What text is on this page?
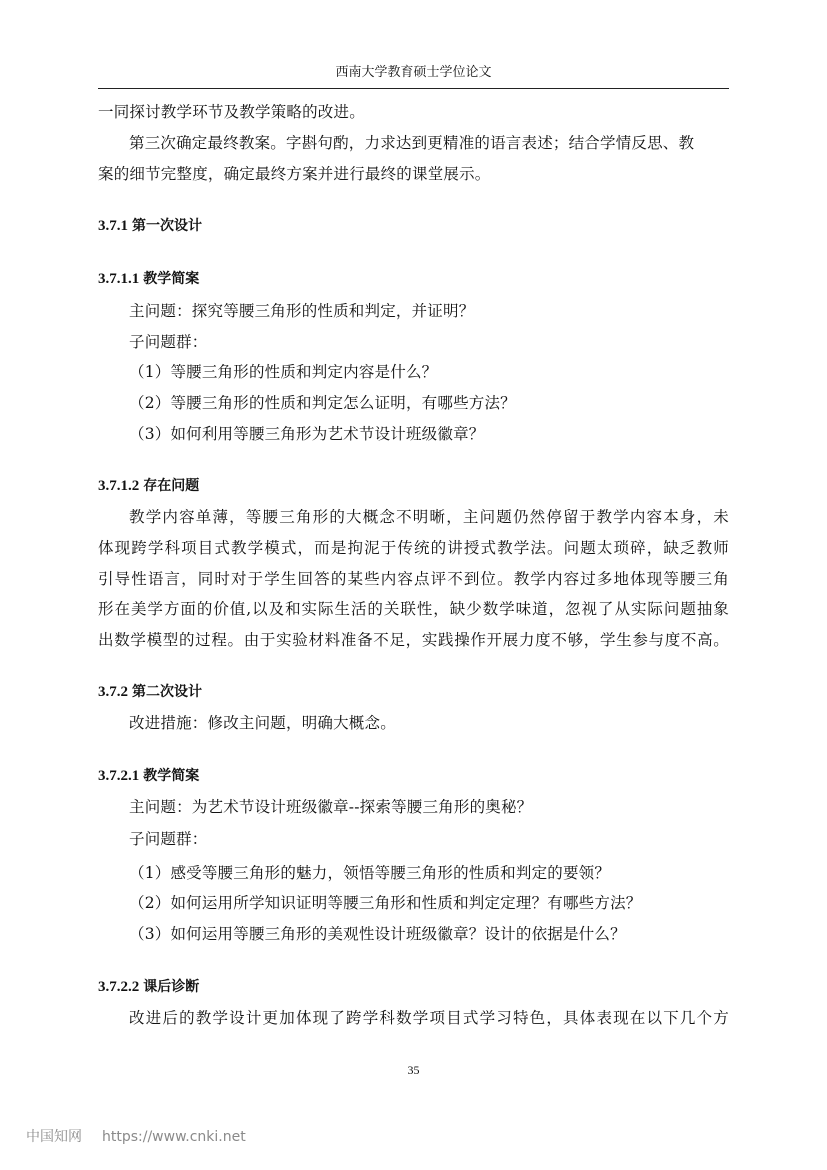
西南大学教育硕士学位论文
一同探讨教学环节及教学策略的改进。
第三次确定最终教案。字斟句酌，力求达到更精准的语言表述；结合学情反思、教
案的细节完整度，确定最终方案并进行最终的课堂展示。
3.7.1 第一次设计
3.7.1.1 教学简案
主问题：探究等腰三角形的性质和判定，并证明？
子问题群：
（1）等腰三角形的性质和判定内容是什么？
（2）等腰三角形的性质和判定怎么证明，有哪些方法？
（3）如何利用等腰三角形为艺术节设计班级徽章？
3.7.1.2 存在问题
教学内容单薄，等腰三角形的大概念不明晰，主问题仍然停留于教学内容本身，未
体现跨学科项目式教学模式，而是拘泥于传统的讲授式教学法。问题太琐碎，缺乏教师
引导性语言，同时对于学生回答的某些内容点评不到位。教学内容过多地体现等腰三角
形在美学方面的价值,以及和实际生活的关联性，缺少数学味道，忽视了从实际问题抽象
出数学模型的过程。由于实验材料准备不足，实践操作开展力度不够，学生参与度不高。
3.7.2 第二次设计
改进措施：修改主问题，明确大概念。
3.7.2.1 教学简案
主问题：为艺术节设计班级徽章--探索等腰三角形的奥秘？
子问题群：
（1）感受等腰三角形的魅力，领悟等腰三角形的性质和判定的要领？
（2）如何运用所学知识证明等腰三角形和性质和判定定理？有哪些方法？
（3）如何运用等腰三角形的美观性设计班级徽章？设计的依据是什么？
3.7.2.2 课后诊断
改进后的教学设计更加体现了跨学科数学项目式学习特色，具体表现在以下几个方
35
中国知网 https://www.cnki.net
